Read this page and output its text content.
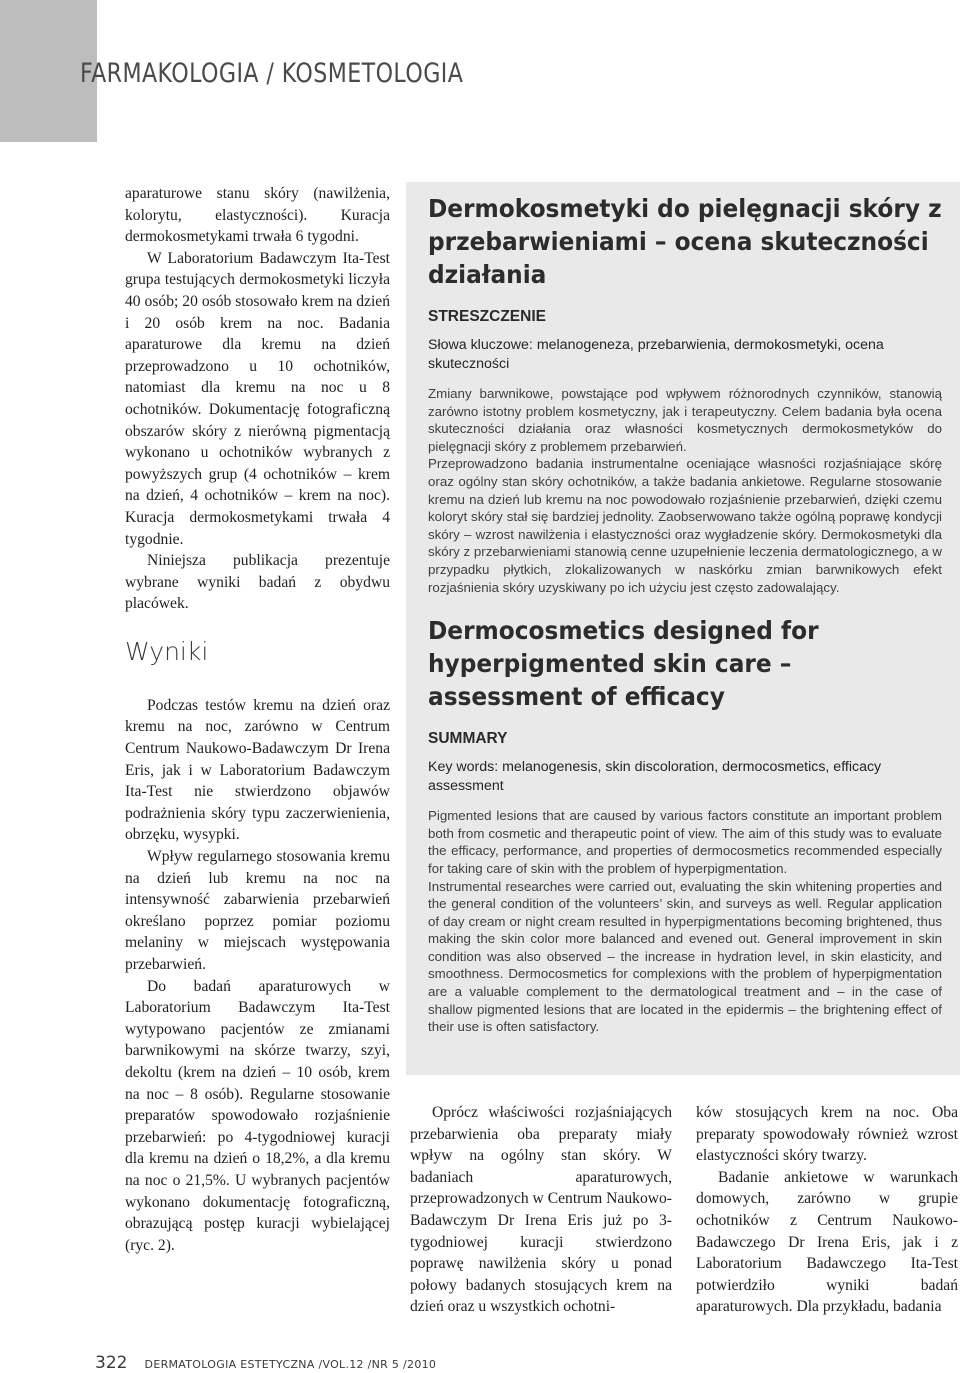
FARMAKOLOGIA / KOSMETOLOGIA

aparaturowe stanu skóry (nawilżenia, kolorytu, elastyczności). Kuracja dermokosmetykami trwała 6 tygodni.

W Laboratorium Badawczym Ita-Test grupa testujących dermokosmetyki liczyła 40 osób; 20 osób stosowało krem na dzień i 20 osób krem na noc. Badania aparaturowe dla kremu na dzień przeprowadzono u 10 ochotników, natomiast dla kremu na noc u 8 ochotników. Dokumentację fotograficzną obszarów skóry z nierówną pigmentacją wykonano u ochotników wybranych z powyższych grup (4 ochotników – krem na dzień, 4 ochotników – krem na noc). Kuracja dermokosmetykami trwała 4 tygodnie.

Niniejsza publikacja prezentuje wybrane wyniki badań z obydwu placówek.

Wyniki

Podczas testów kremu na dzień oraz kremu na noc, zarówno w Centrum Centrum Naukowo-Badawczym Dr Irena Eris, jak i w Laboratorium Badawczym Ita-Test nie stwierdzono objawów podrażnienia skóry typu zaczerwienienia, obrzęku, wysypki.

Wpływ regularnego stosowania kremu na dzień lub kremu na noc na intensywność zabarwienia przebarwień określano poprzez pomiar poziomu melaniny w miejscach występowania przebarwień.

Do badań aparaturowych w Laboratorium Badawczym Ita-Test wytypowano pacjentów ze zmianami barwnikowymi na skórze twarzy, szyi, dekoltu (krem na dzień – 10 osób, krem na noc – 8 osób). Regularne stosowanie preparatów spowodowało rozjaśnienie przebarwień: po 4-tygodniowej kuracji dla kremu na dzień o 18,2%, a dla kremu na noc o 21,5%. U wybranych pacjentów wykonano dokumentację fotograficzną, obrazującą postęp kuracji wybielającej (ryc. 2).

Dermokosmetyki do pielęgnacji skóry z przebarwieniami – ocena skuteczności działania
STRESZCZENIE
Słowa kluczowe: melanogeneza, przebarwienia, dermokosmetyki, ocena skuteczności

Zmiany barwnikowe, powstające pod wpływem różnorodnych czynników, stanowią zarówno istotny problem kosmetyczny, jak i terapeutyczny. Celem badania była ocena skuteczności działania oraz własności kosmetycznych dermokosmetyków do pielęgnacji skóry z problemem przebarwień.

Przeprowadzono badania instrumentalne oceniające własności rozjaśniające skórę oraz ogólny stan skóry ochotników, a także badania ankietowe. Regularne stosowanie kremu na dzień lub kremu na noc powodowało rozjaśnienie przebarwień, dzięki czemu koloryt skóry stał się bardziej jednolity. Zaobserwowano także ogólną poprawę kondycji skóry – wzrost nawilżenia i elastyczności oraz wygładzenie skóry. Dermokosmetyki dla skóry z przebarwieniami stanowią cenne uzupełnienie leczenia dermatologicznego, a w przypadku płytkich, zlokalizowanych w naskórku zmian barwnikowych efekt rozjaśnienia skóry uzyskiwany po ich użyciu jest często zadowalający.

Dermocosmetics designed for hyperpigmented skin care – assessment of efficacy
SUMMARY
Key words: melanogenesis, skin discoloration, dermocosmetics, efficacy assessment

Pigmented lesions that are caused by various factors constitute an important problem both from cosmetic and therapeutic point of view. The aim of this study was to evaluate the efficacy, performance, and properties of dermocosmetics recommended especially for taking care of skin with the problem of hyperpigmentation.

Instrumental researches were carried out, evaluating the skin whitening properties and the general condition of the volunteers’ skin, and surveys as well. Regular application of day cream or night cream resulted in hyperpigmentations becoming brightened, thus making the skin color more balanced and evened out. General improvement in skin condition was also observed – the increase in hydration level, in skin elasticity, and smoothness. Dermocosmetics for complexions with the problem of hyperpigmentation are a valuable complement to the dermatological treatment and – in the case of shallow pigmented lesions that are located in the epidermis – the brightening effect of their use is often satisfactory.

Oprócz właściwości rozjaśniających przebarwienia oba preparaty miały wpływ na ogólny stan skóry. W badaniach aparaturowych, przeprowadzonych w Centrum Naukowo-Badawczym Dr Irena Eris już po 3-tygodniowej kuracji stwierdzono poprawę nawilżenia skóry u ponad połowy badanych stosujących krem na dzień oraz u wszystkich ochotni-

ków stosujących krem na noc. Oba preparaty spowodowały również wzrost elastyczności skóry twarzy.

Badanie ankietowe w warunkach domowych, zarówno w grupie ochotników z Centrum Naukowo-Badawczego Dr Irena Eris, jak i z Laboratorium Badawczego Ita-Test potwierdziło wyniki badań aparaturowych. Dla przykładu, badania

322 DERMATOLOGIA ESTETYCZNA /VOL.12 /NR 5 /2010
